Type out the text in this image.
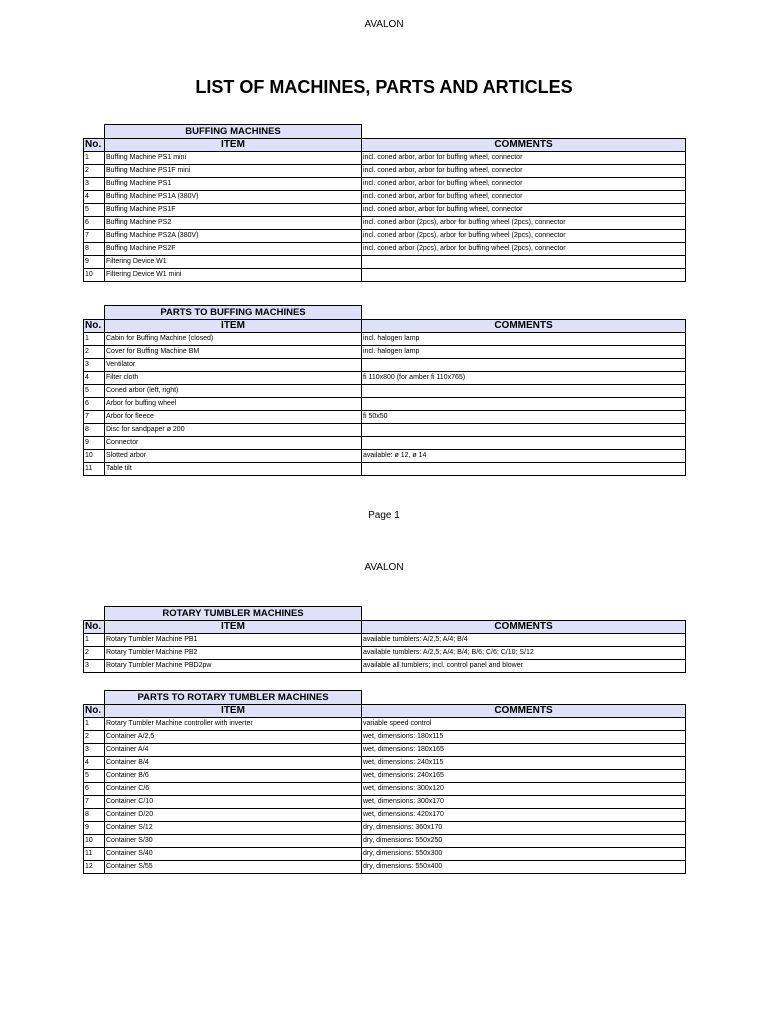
AVALON
LIST OF MACHINES, PARTS AND ARTICLES
BUFFING MACHINES
No.	ITEM	COMMENTS
1	Buffing Machine PS1 mini	incl. coned arbor, arbor for buffing wheel, connector
2	Buffing Machine PS1F mini	incl. coned arbor, arbor for buffing wheel, connector
3	Buffing Machine PS1	incl. coned arbor, arbor for buffing wheel, connector
4	Buffing Machine PS1A (380V)	incl. coned arbor, arbor for buffing wheel, connector
5	Buffing Machine PS1F	incl. coned arbor, arbor for buffing wheel, connector
6	Buffing Machine PS2	incl. coned arbor (2pcs), arbor for buffing wheel (2pcs), connector
7	Buffing Machine PS2A (380V)	incl. coned arbor (2pcs), arbor for buffing wheel (2pcs), connector
8	Buffing Machine PS2F	incl. coned arbor (2pcs), arbor for buffing wheel (2pcs), connector
9	Filtering Device W1	
10	Filtering Device W1 mini	
PARTS TO BUFFING MACHINES
No.	ITEM	COMMENTS
1	Cabin for Buffing Machine (closed)	incl. halogen lamp
2	Cover for Buffing Machine BM	incl. halogen lamp
3	Ventilator	
4	Filter cloth	fi 110x800 (for amber fi 110x765)
5	Coned arbor (left, right)	
6	Arbor for buffing wheel	
7	Arbor for fleece	fi 50x50
8	Disc for sandpaper ø 200	
9	Connector	
10	Slotted arbor	available: ø 12, ø 14
11	Table tilt	
Page 1
AVALON
ROTARY TUMBLER MACHINES
No.	ITEM	COMMENTS
1	Rotary Tumbler Machine PB1	available tumblers: A/2,5; A/4; B/4
2	Rotary Tumbler Machine PB2	available tumblers: A/2,5; A/4; B/4; B/6; C/6; C/10; S/12
3	Rotary Tumbler Machine PBD2pw	available all tumblers; incl. control panel and blower
PARTS TO ROTARY TUMBLER MACHINES
No.	ITEM	COMMENTS
1	Rotary Tumbler Machine controller with inverter	variable speed control
2	Container A/2,5	wet, dimensions: 180x115
3	Container A/4	wet, dimensions: 180x165
4	Container B/4	wet, dimensions: 240x115
5	Container B/6	wet, dimensions: 240x165
6	Container C/6	wet, dimensions: 300x120
7	Container C/10	wet, dimensions: 300x170
8	Container D/20	wet, dimensions: 420x170
9	Container S/12	dry, dimensions: 360x170
10	Container S/30	dry, dimensions: 550x250
11	Container S/40	dry, dimensions: 550x300
12	Container S/55	dry, dimensions: 550x400
